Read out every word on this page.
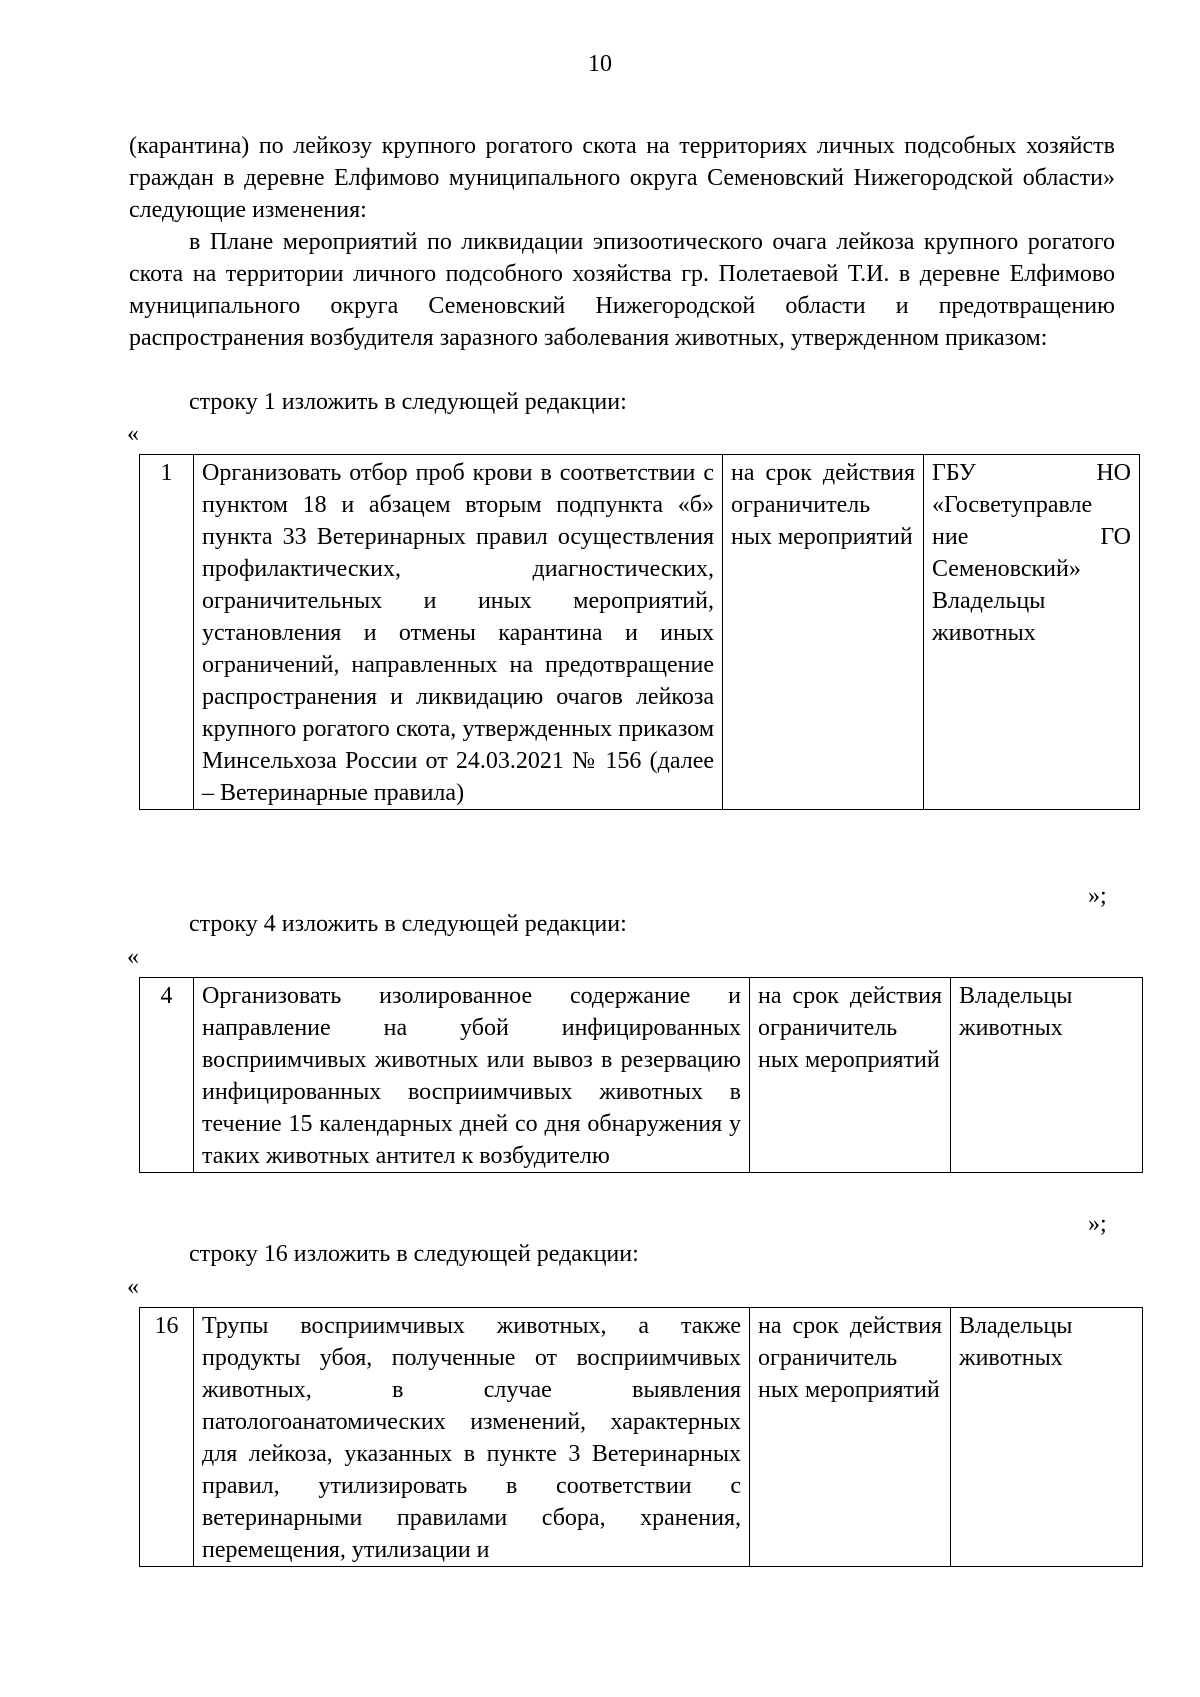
10

(карантина) по лейкозу крупного рогатого скота на территориях личных подсобных хозяйств граждан в деревне Елфимово муниципального округа Семеновский Нижегородской области» следующие изменения:

в Плане мероприятий по ликвидации эпизоотического очага лейкоза крупного рогатого скота на территории личного подсобного хозяйства гр. Полетаевой Т.И. в деревне Елфимово муниципального округа Семеновский Нижегородской области и предотвращению распространения возбудителя заразного заболевания животных, утвержденном приказом:

строку 1 изложить в следующей редакции:

«

1	Организовать отбор проб крови в соответствии с пунктом 18 и абзацем вторым подпункта «б» пункта 33 Ветеринарных правил осуществления профилактических, диагностических, ограничительных и иных мероприятий, установления и отмены карантина и иных ограничений, направленных на предотвращение распространения и ликвидацию очагов лейкоза крупного рогатого скота, утвержденных приказом Минсельхоза России от 24.03.2021 № 156 (далее – Ветеринарные правила)	на срок действия ограничитель ных мероприятий	ГБУ НО «Госветуправле ние ГО Семеновский» Владельцы животных

»;

строку 4 изложить в следующей редакции:

«

4	Организовать изолированное содержание и направление на убой инфицированных восприимчивых животных или вывоз в резервацию инфицированных восприимчивых животных в течение 15 календарных дней со дня обнаружения у таких животных антител к возбудителю	на срок действия ограничитель ных мероприятий	Владельцы животных

»;

строку 16 изложить в следующей редакции:

«

16	Трупы восприимчивых животных, а также продукты убоя, полученные от восприимчивых животных, в случае выявления патологоанатомических изменений, характерных для лейкоза, указанных в пункте 3 Ветеринарных правил, утилизировать в соответствии с ветеринарными правилами сбора, хранения, перемещения, утилизации и	на срок действия ограничитель ных мероприятий	Владельцы животных
